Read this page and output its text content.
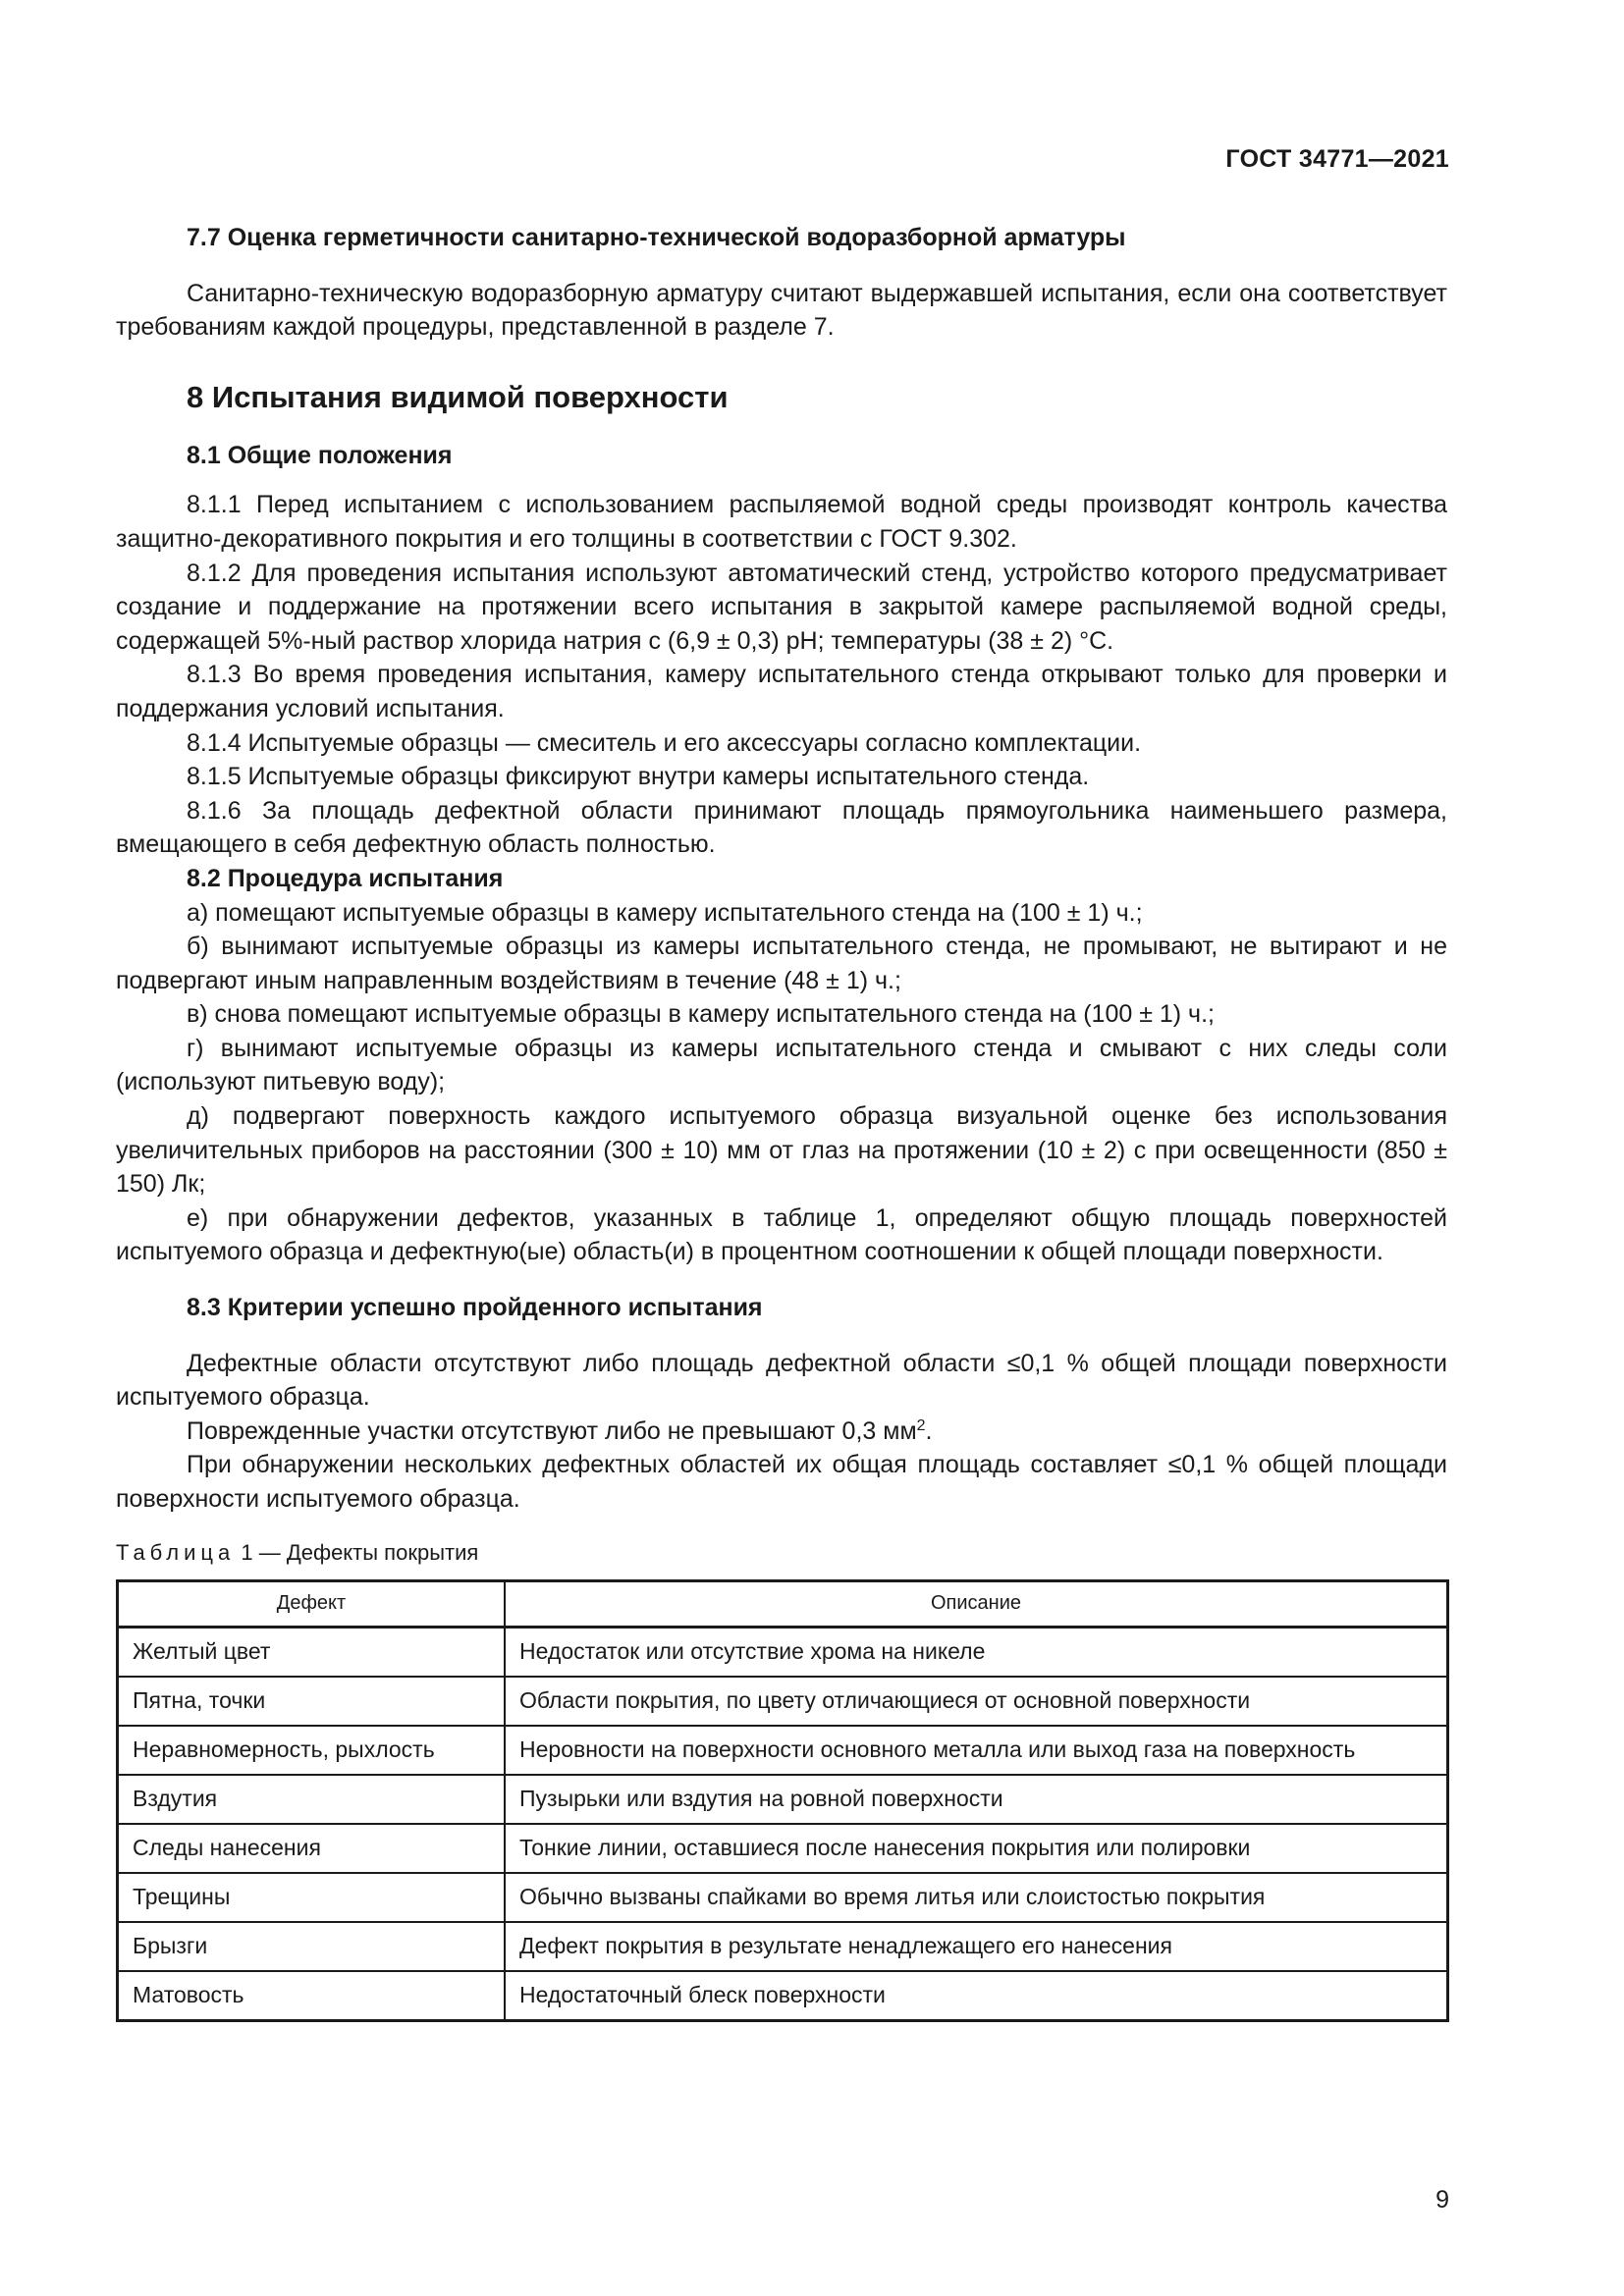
ГОСТ 34771—2021

7.7 Оценка герметичности санитарно-технической водоразборной арматуры

Санитарно-техническую водоразборную арматуру считают выдержавшей испытания, если она соответствует требованиям каждой процедуры, представленной в разделе 7.

8 Испытания видимой поверхности

8.1 Общие положения

8.1.1 Перед испытанием с использованием распыляемой водной среды производят контроль качества защитно-декоративного покрытия и его толщины в соответствии с ГОСТ 9.302.

8.1.2 Для проведения испытания используют автоматический стенд, устройство которого предусматривает создание и поддержание на протяжении всего испытания в закрытой камере распыляемой водной среды, содержащей 5%-ный раствор хлорида натрия с (6,9 ± 0,3) pH; температуры (38 ± 2) °С.

8.1.3 Во время проведения испытания, камеру испытательного стенда открывают только для проверки и поддержания условий испытания.

8.1.4 Испытуемые образцы — смеситель и его аксессуары согласно комплектации.

8.1.5 Испытуемые образцы фиксируют внутри камеры испытательного стенда.

8.1.6 За площадь дефектной области принимают площадь прямоугольника наименьшего размера, вмещающего в себя дефектную область полностью.

8.2 Процедура испытания

а) помещают испытуемые образцы в камеру испытательного стенда на (100 ± 1) ч.;

б) вынимают испытуемые образцы из камеры испытательного стенда, не промывают, не вытирают и не подвергают иным направленным воздействиям в течение (48 ± 1) ч.;

в) снова помещают испытуемые образцы в камеру испытательного стенда на (100 ± 1) ч.;

г) вынимают испытуемые образцы из камеры испытательного стенда и смывают с них следы соли (используют питьевую воду);

д) подвергают поверхность каждого испытуемого образца визуальной оценке без использования увеличительных приборов на расстоянии (300 ± 10) мм от глаз на протяжении (10 ± 2) с при освещенности (850 ± 150) Лк;

е) при обнаружении дефектов, указанных в таблице 1, определяют общую площадь поверхностей испытуемого образца и дефектную(ые) область(и) в процентном соотношении к общей площади поверхности.

8.3 Критерии успешно пройденного испытания

Дефектные области отсутствуют либо площадь дефектной области ≤0,1 % общей площади поверхности испытуемого образца.

Поврежденные участки отсутствуют либо не превышают 0,3 $мм^2$.

При обнаружении нескольких дефектных областей их общая площадь составляет ≤0,1 % общей площади поверхности испытуемого образца.

Таблица 1 — Дефекты покрытия
Дефект	Описание
Желтый цвет	Недостаток или отсутствие хрома на никеле
Пятна, точки	Области покрытия, по цвету отличающиеся от основной поверхности
Неравномерность, рыхлость	Неровности на поверхности основного металла или выход газа на поверхность
Вздутия	Пузырьки или вздутия на ровной поверхности
Следы нанесения	Тонкие линии, оставшиеся после нанесения покрытия или полировки
Трещины	Обычно вызваны спайками во время литья или слоистостью покрытия
Брызги	Дефект покрытия в результате ненадлежащего его нанесения
Матовость	Недостаточный блеск поверхности
9
